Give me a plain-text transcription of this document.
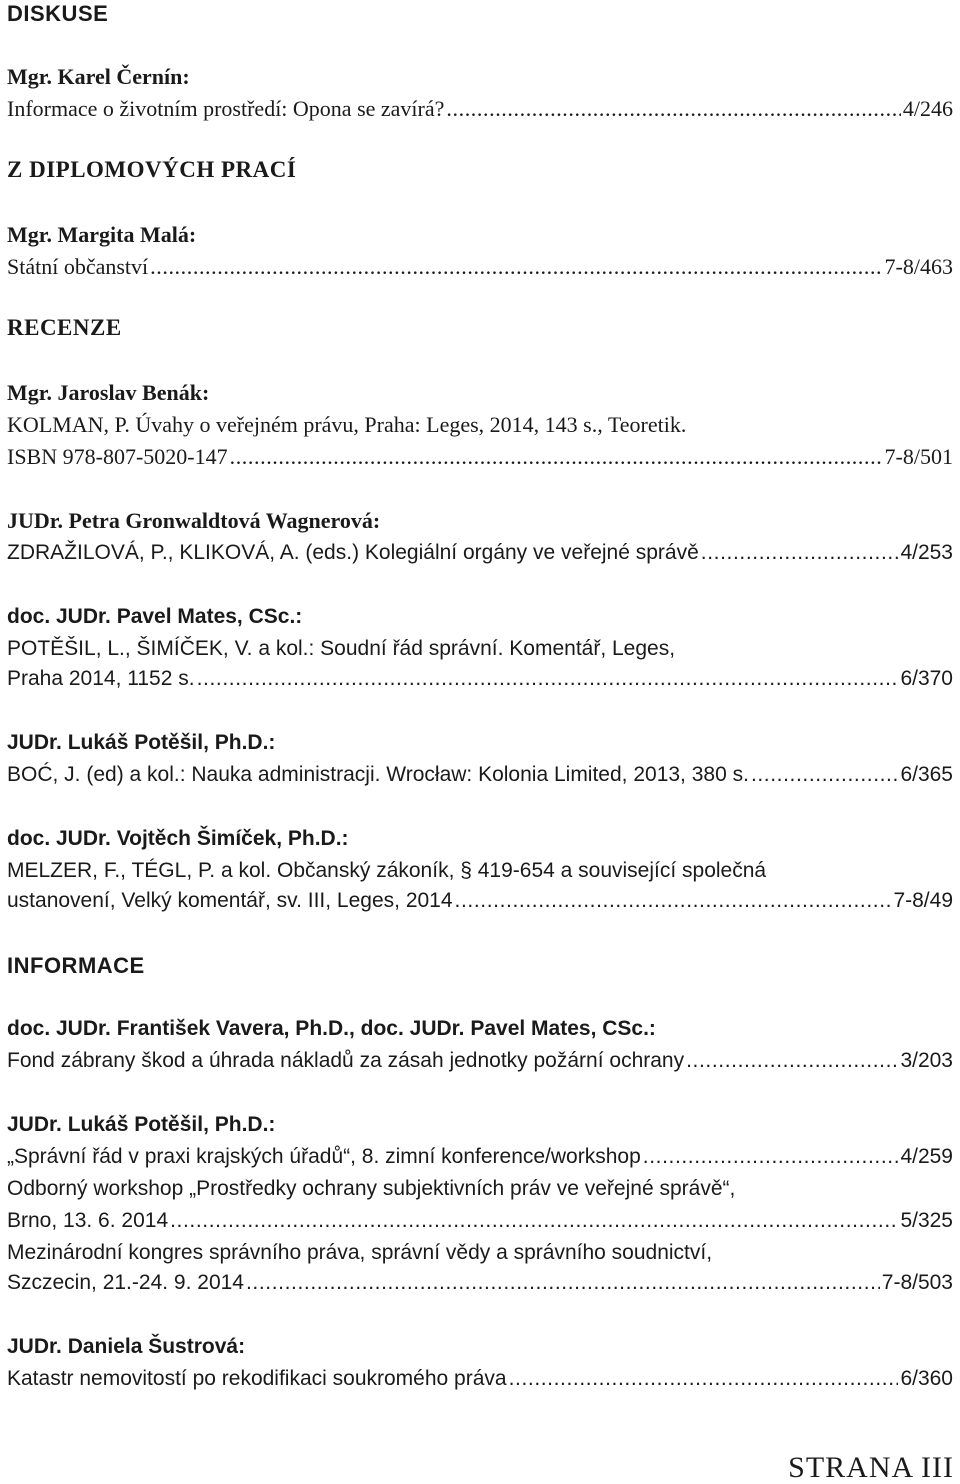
DISKUSE
Mgr. Karel Černín:
Informace o životním prostředí: Opona se zavírá? .....	4/246
Z DIPLOMOVÝCH PRACÍ
Mgr. Margita Malá:
Státní občanství .....	7-8/463
RECENZE
Mgr. Jaroslav Benák:
KOLMAN, P. Úvahy o veřejném právu, Praha: Leges, 2014, 143 s., Teoretik.
ISBN 978-807-5020-147 .....	7-8/501
JUDr. Petra Gronwaldtová Wagnerová:
ZDRAŽILOVÁ, P., KLIKOVÁ, A. (eds.) Kolegiální orgány ve veřejné správě .....	4/253
doc. JUDr. Pavel Mates, CSc.:
POTĚŠIL, L., ŠIMÍČEK, V. a kol.: Soudní řád správní. Komentář, Leges,
Praha 2014, 1152 s. .....	6/370
JUDr. Lukáš Potěšil, Ph.D.:
BOĆ, J. (ed) a kol.: Nauka administracji. Wrocław: Kolonia Limited, 2013, 380 s. .....	6/365
doc. JUDr. Vojtěch Šimíček, Ph.D.:
MELZER, F., TÉGL, P. a kol. Občanský zákoník, § 419-654 a související společná
ustanovení, Velký komentář, sv. III, Leges, 2014 .....	7-8/49
INFORMACE
doc. JUDr. František Vavera, Ph.D., doc. JUDr. Pavel Mates, CSc.:
Fond zábrany škod a úhrada nákladů za zásah jednotky požární ochrany .....	3/203
JUDr. Lukáš Potěšil, Ph.D.:
„Správní řád v praxi krajských úřadů“, 8. zimní konference/workshop .....	4/259
Odborný workshop „Prostředky ochrany subjektivních práv ve veřejné správě“,
Brno, 13. 6. 2014 .....	5/325
Mezinárodní kongres správního práva, správní vědy a správního soudnictví,
Szczecin, 21.-24. 9. 2014 .....	7-8/503
JUDr. Daniela Šustrová:
Katastr nemovitostí po rekodifikaci soukromého práva .....	6/360
STRANA III
